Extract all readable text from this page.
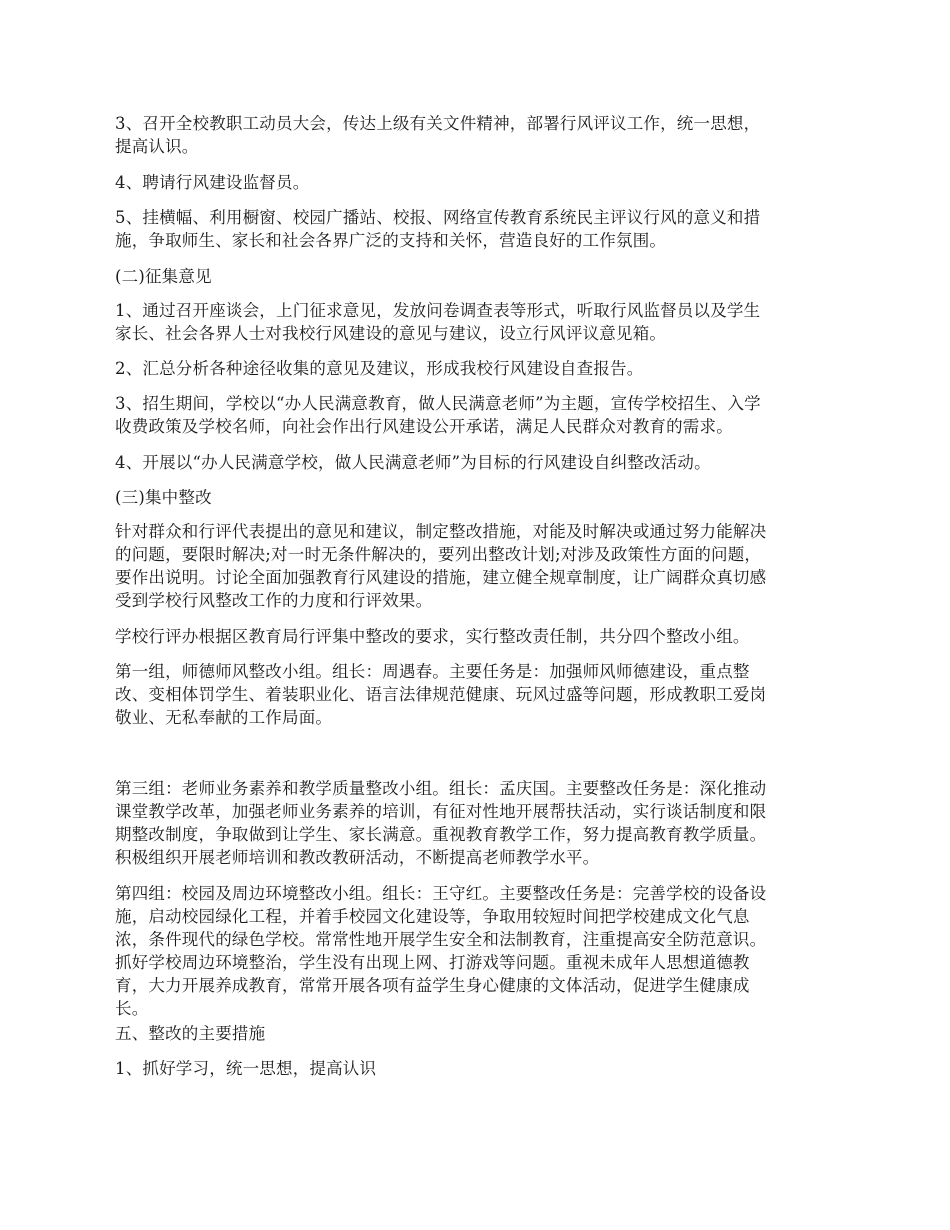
3、召开全校教职工动员大会，传达上级有关文件精神，部署行风评议工作，统一思想，
提高认识。

4、聘请行风建设监督员。

5、挂横幅、利用橱窗、校园广播站、校报、网络宣传教育系统民主评议行风的意义和措
施，争取师生、家长和社会各界广泛的支持和关怀，营造良好的工作氛围。

(二)征集意见

1、通过召开座谈会，上门征求意见，发放问卷调查表等形式，听取行风监督员以及学生
家长、社会各界人士对我校行风建设的意见与建议，设立行风评议意见箱。

2、汇总分析各种途径收集的意见及建议，形成我校行风建设自查报告。

3、招生期间，学校以“办人民满意教育，做人民满意老师”为主题，宣传学校招生、入学
收费政策及学校名师，向社会作出行风建设公开承诺，满足人民群众对教育的需求。

4、开展以“办人民满意学校，做人民满意老师”为目标的行风建设自纠整改活动。

(三)集中整改

针对群众和行评代表提出的意见和建议，制定整改措施，对能及时解决或通过努力能解决
的问题，要限时解决;对一时无条件解决的，要列出整改计划;对涉及政策性方面的问题，
要作出说明。讨论全面加强教育行风建设的措施，建立健全规章制度，让广阔群众真切感
受到学校行风整改工作的力度和行评效果。

学校行评办根据区教育局行评集中整改的要求，实行整改责任制，共分四个整改小组。

第一组，师德师风整改小组。组长：周遇春。主要任务是：加强师风师德建设，重点整
改、变相体罚学生、着装职业化、语言法律规范健康、玩风过盛等问题，形成教职工爱岗
敬业、无私奉献的工作局面。

第三组：老师业务素养和教学质量整改小组。组长：孟庆国。主要整改任务是：深化推动
课堂教学改革，加强老师业务素养的培训，有征对性地开展帮扶活动，实行谈话制度和限
期整改制度，争取做到让学生、家长满意。重视教育教学工作，努力提高教育教学质量。
积极组织开展老师培训和教改教研活动，不断提高老师教学水平。

第四组：校园及周边环境整改小组。组长：王守红。主要整改任务是：完善学校的设备设
施，启动校园绿化工程，并着手校园文化建设等，争取用较短时间把学校建成文化气息
浓，条件现代的绿色学校。常常性地开展学生安全和法制教育，注重提高安全防范意识。
抓好学校周边环境整治，学生没有出现上网、打游戏等问题。重视未成年人思想道德教
育，大力开展养成教育，常常开展各项有益学生身心健康的文体活动，促进学生健康成
长。

五、整改的主要措施

1、抓好学习，统一思想，提高认识
